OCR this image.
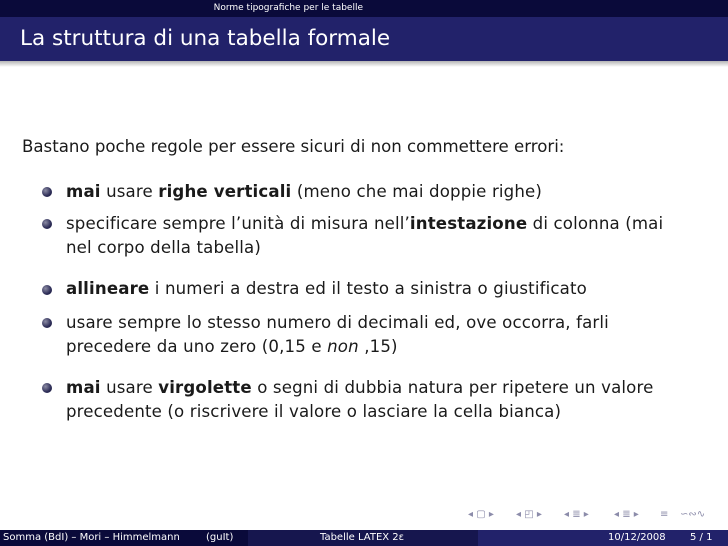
Norme tipografiche per le tabelle
La struttura di una tabella formale
Bastano poche regole per essere sicuri di non commettere errori:
mai usare righe verticali (meno che mai doppie righe)
specificare sempre l’unità di misura nell’intestazione di colonna (mai
nel corpo della tabella)
allineare i numeri a destra ed il testo a sinistra o giustificato
usare sempre lo stesso numero di decimali ed, ove occorra, farli
precedere da uno zero (0,15 e non ,15)
mai usare virgolette o segni di dubbia natura per ripetere un valore
precedente (o riscrivere il valore o lasciare la cella bianca)
◂ ▢ ▸ ◂ ◰ ▸ ◂ ≣ ▸	◂ ≣ ▸ ≡ ∽∾∿
Somma (BdI) – Mori – Himmelmann	(guIt)	Tabelle LATEX 2ε	10/12/2008 5 / 1
